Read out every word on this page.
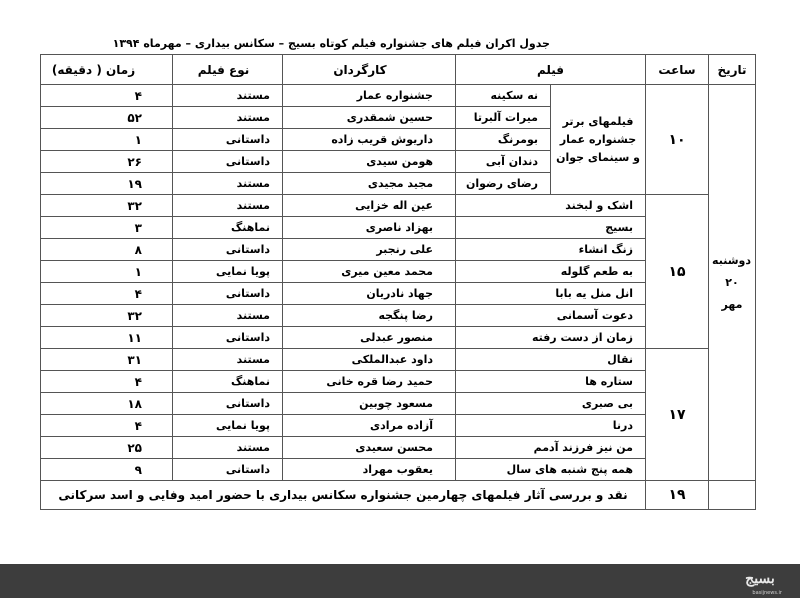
جدول اکران فیلم های جشنواره فیلم کوتاه بسیج – سکانس بیداری – مهرماه ۱۳۹۴
تاریخ	ساعت	فیلم		کارگردان	نوع فیلم	زمان ( دقیقه)

دوشنبه
۲۰
مهر	۱۰	فیلمهای برتر جشنواره عمار و سینمای جوان	نه سکینه	جشنواره عمار	مستند	۴
			میرات آلبرتا	حسین شمقدری	مستند	۵۲
			بومرنگ	داریوش قریب زاده	داستانی	۱
			دندان آبی	هومن سیدی	داستانی	۲۶
			رضای رضوان	مجید مجیدی	مستند	۱۹
	۱۵	اشک و لبخند		عین اله خزایی	مستند	۳۲
		بسیج		بهزاد ناصری	نماهنگ	۳
		زنگ انشاء		علی رنجبر	داستانی	۸
		به طعم گلوله		محمد معین میری	پویا نمایی	۱
		انل منل یه بابا		جهاد نادریان	داستانی	۴
		دعوت آسمانی		رضا پنگجه	مستند	۳۲
		زمان از دست رفته		منصور عبدلی	داستانی	۱۱
	۱۷	نقال		داود عبدالملکی	مستند	۳۱
		ستاره ها		حمید رضا قره خانی	نماهنگ	۴
		بی صبری		مسعود چوبین	داستانی	۱۸
		درنا		آزاده مرادی	پویا نمایی	۴
		من نیز فرزند آدمم		محسن سعیدی	مستند	۲۵
		همه پنج شنبه های سال		یعقوب مهراد	داستانی	۹
	۱۹	نقد و بررسی آثار فیلمهای چهارمین جشنواره سکانس بیداری با حضور امید وفایی و اسد سرکانی				
بسیج
basijnews.ir
